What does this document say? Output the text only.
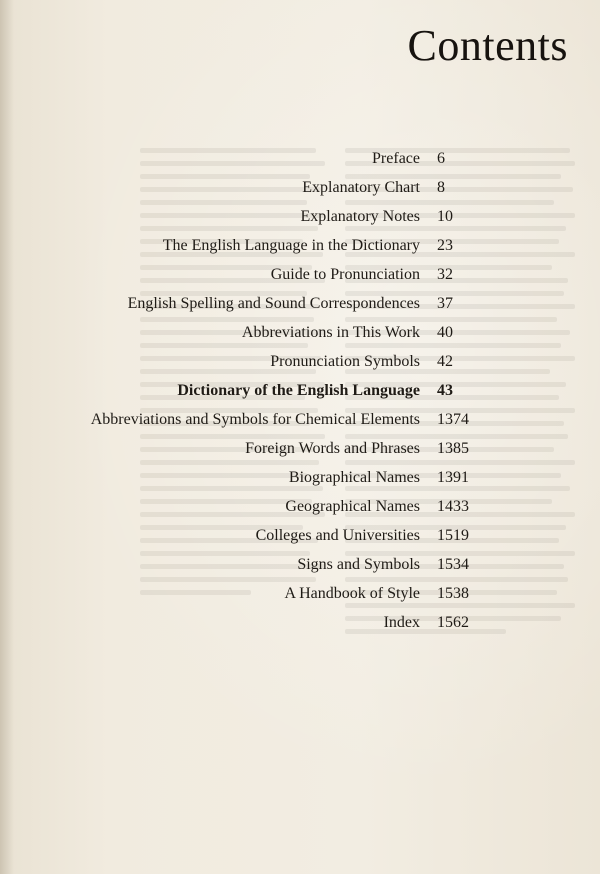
Contents
Preface 6
Explanatory Chart 8
Explanatory Notes 10
The English Language in the Dictionary 23
Guide to Pronunciation 32
English Spelling and Sound Correspondences 37
Abbreviations in This Work 40
Pronunciation Symbols 42
Dictionary of the English Language 43
Abbreviations and Symbols for Chemical Elements 1374
Foreign Words and Phrases 1385
Biographical Names 1391
Geographical Names 1433
Colleges and Universities 1519
Signs and Symbols 1534
A Handbook of Style 1538
Index 1562
